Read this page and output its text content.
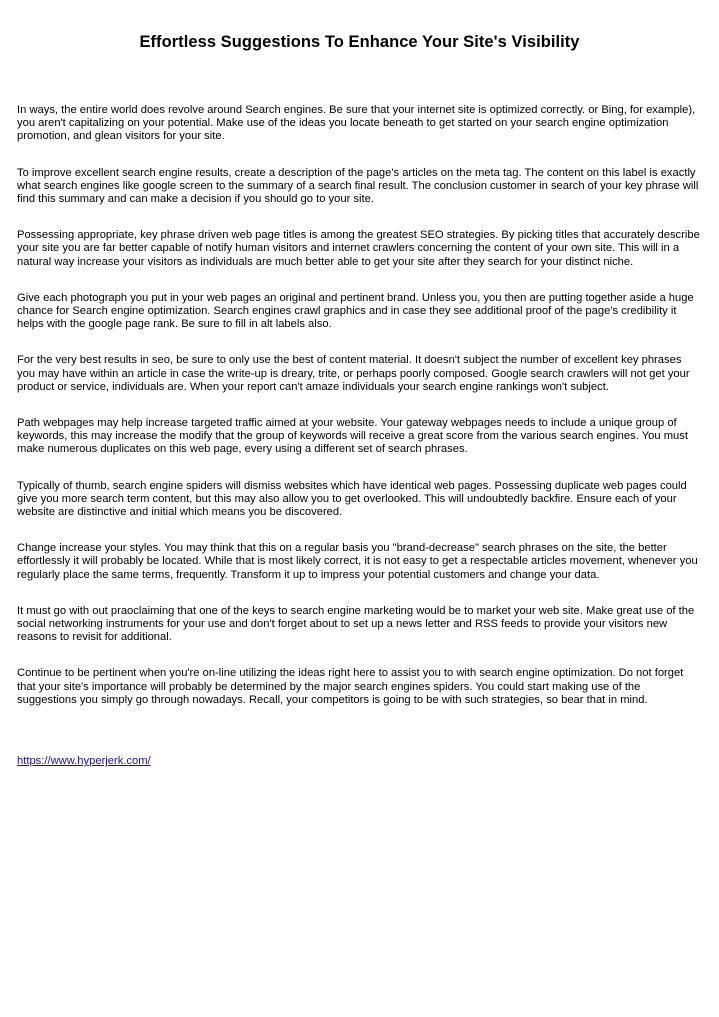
Effortless Suggestions To Enhance Your Site's Visibility

In ways, the entire world does revolve around Search engines. Be sure that your internet site is optimized correctly. or Bing, for example), you aren't capitalizing on your potential. Make use of the ideas you locate beneath to get started on your search engine optimization promotion, and glean visitors for your site.

To improve excellent search engine results, create a description of the page's articles on the meta tag. The content on this label is exactly what search engines like google screen to the summary of a search final result. The conclusion customer in search of your key phrase will find this summary and can make a decision if you should go to your site.

Possessing appropriate, key phrase driven web page titles is among the greatest SEO strategies. By picking titles that accurately describe your site you are far better capable of notify human visitors and internet crawlers concerning the content of your own site. This will in a natural way increase your visitors as individuals are much better able to get your site after they search for your distinct niche.

Give each photograph you put in your web pages an original and pertinent brand. Unless you, you then are putting together aside a huge chance for Search engine optimization. Search engines crawl graphics and in case they see additional proof of the page's credibility it helps with the google page rank. Be sure to fill in alt labels also.

For the very best results in seo, be sure to only use the best of content material. It doesn't subject the number of excellent key phrases you may have within an article in case the write-up is dreary, trite, or perhaps poorly composed. Google search crawlers will not get your product or service, individuals are. When your report can't amaze individuals your search engine rankings won't subject.

Path webpages may help increase targeted traffic aimed at your website. Your gateway webpages needs to include a unique group of keywords, this may increase the modify that the group of keywords will receive a great score from the various search engines. You must make numerous duplicates on this web page, every using a different set of search phrases.

Typically of thumb, search engine spiders will dismiss websites which have identical web pages. Possessing duplicate web pages could give you more search term content, but this may also allow you to get overlooked. This will undoubtedly backfire. Ensure each of your website are distinctive and initial which means you be discovered.

Change increase your styles. You may think that this on a regular basis you "brand-decrease" search phrases on the site, the better effortlessly it will probably be located. While that is most likely correct, it is not easy to get a respectable articles movement, whenever you regularly place the same terms, frequently. Transform it up to impress your potential customers and change your data.

It must go with out praoclaiming that one of the keys to search engine marketing would be to market your web site. Make great use of the social networking instruments for your use and don't forget about to set up a news letter and RSS feeds to provide your visitors new reasons to revisit for additional.

Continue to be pertinent when you're on-line utilizing the ideas right here to assist you to with search engine optimization. Do not forget that your site's importance will probably be determined by the major search engines spiders. You could start making use of the suggestions you simply go through nowadays. Recall, your competitors is going to be with such strategies, so bear that in mind.

https://www.hyperjerk.com/
